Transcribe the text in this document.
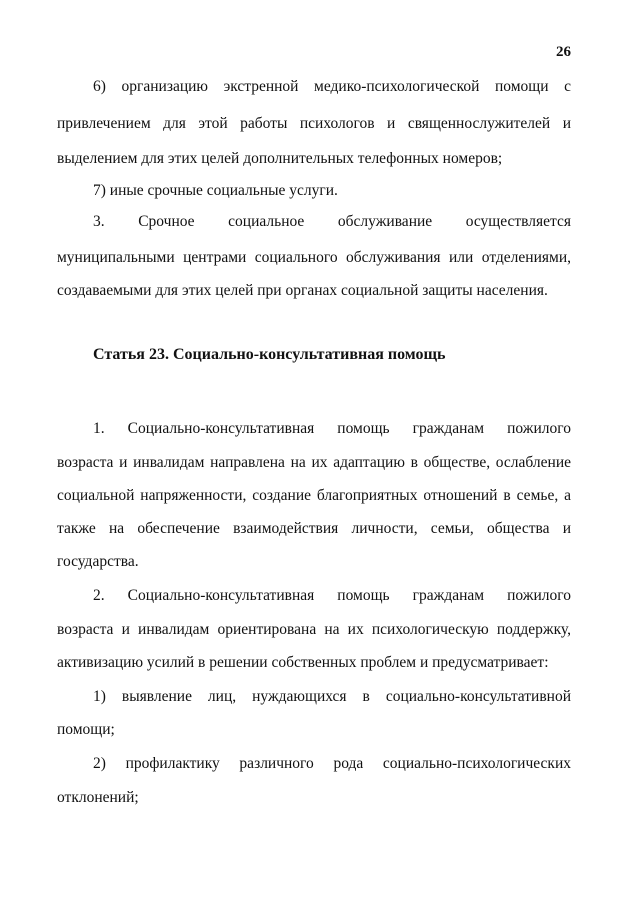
26
6) организацию экстренной медико-психологической помощи с
привлечением для этой работы психологов и священнослужителей и
выделением для этих целей дополнительных телефонных номеров;
7) иные срочные социальные услуги.
3. Срочное социальное обслуживание осуществляется
муниципальными центрами социального обслуживания или отделениями,
создаваемыми для этих целей при органах социальной защиты населения.
Статья 23. Социально-консультативная помощь
1. Социально-консультативная помощь гражданам пожилого
возраста и инвалидам направлена на их адаптацию в обществе, ослабление
социальной напряженности, создание благоприятных отношений в семье, а
также на обеспечение взаимодействия личности, семьи, общества и
государства.
2. Социально-консультативная помощь гражданам пожилого
возраста и инвалидам ориентирована на их психологическую поддержку,
активизацию усилий в решении собственных проблем и предусматривает:
1) выявление лиц, нуждающихся в социально-консультативной
помощи;
2) профилактику различного рода социально-психологических
отклонений;
